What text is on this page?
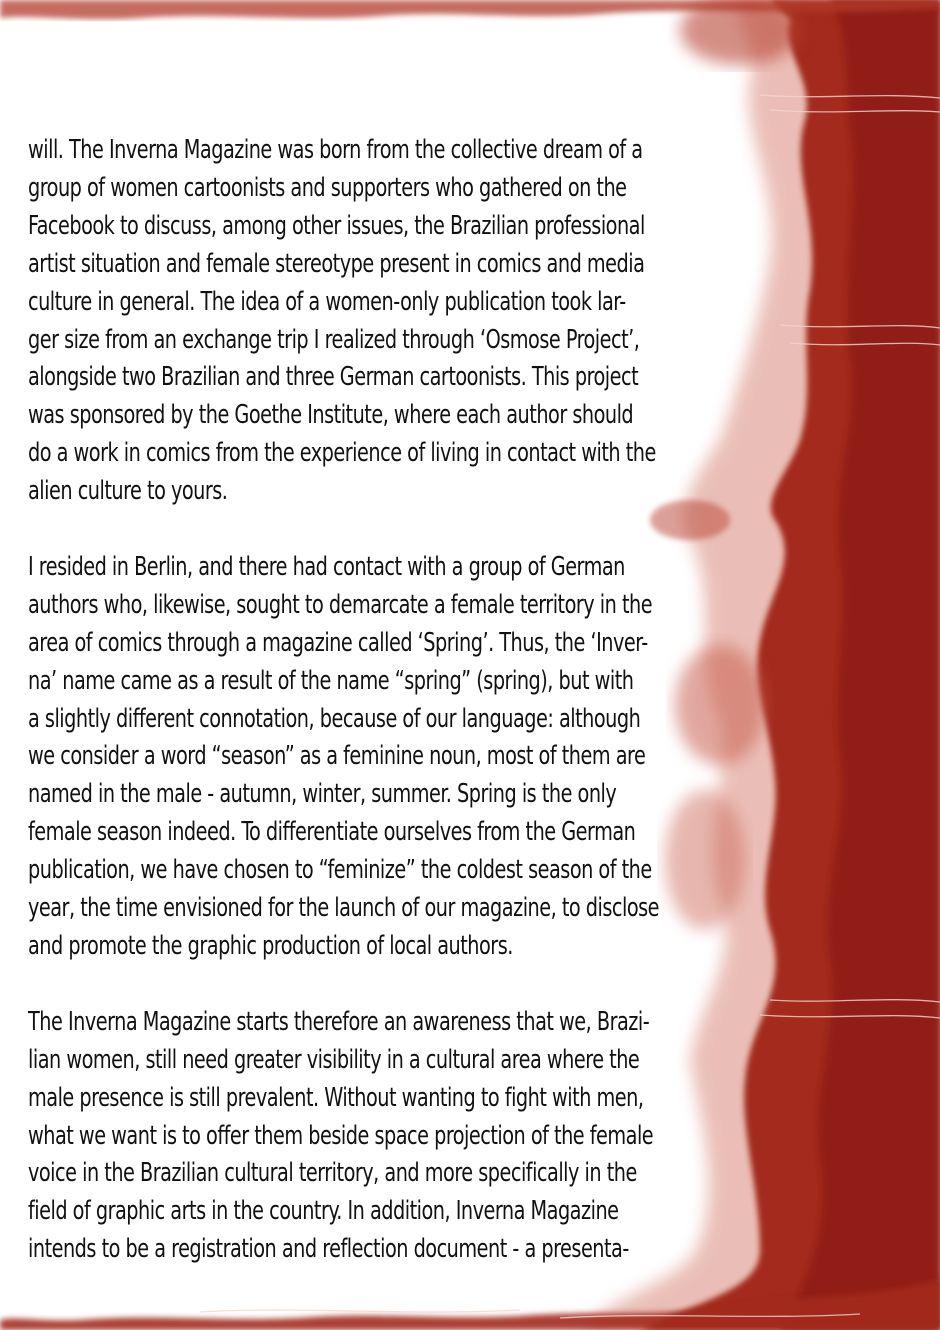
will. The Inverna Magazine was born from the collective dream of a
group of women cartoonists and supporters who gathered on the
Facebook to discuss, among other issues, the Brazilian professional
artist situation and female stereotype present in comics and media
culture in general. The idea of a women-only publication took lar-
ger size from an exchange trip I realized through ‘Osmose Project’,
alongside two Brazilian and three German cartoonists. This project
was sponsored by the Goethe Institute, where each author should
do a work in comics from the experience of living in contact with the
alien culture to yours.

I resided in Berlin, and there had contact with a group of German
authors who, likewise, sought to demarcate a female territory in the
area of comics through a magazine called ‘Spring’. Thus, the ‘Inver-
na’ name came as a result of the name “spring” (spring), but with
a slightly different connotation, because of our language: although
we consider a word “season” as a feminine noun, most of them are
named in the male - autumn, winter, summer. Spring is the only
female season indeed. To differentiate ourselves from the German
publication, we have chosen to “feminize” the coldest season of the
year, the time envisioned for the launch of our magazine, to disclose
and promote the graphic production of local authors.

The Inverna Magazine starts therefore an awareness that we, Brazi-
lian women, still need greater visibility in a cultural area where the
male presence is still prevalent. Without wanting to fight with men,
what we want is to offer them beside space projection of the female
voice in the Brazilian cultural territory, and more specifically in the
field of graphic arts in the country. In addition, Inverna Magazine
intends to be a registration and reflection document - a presenta-
